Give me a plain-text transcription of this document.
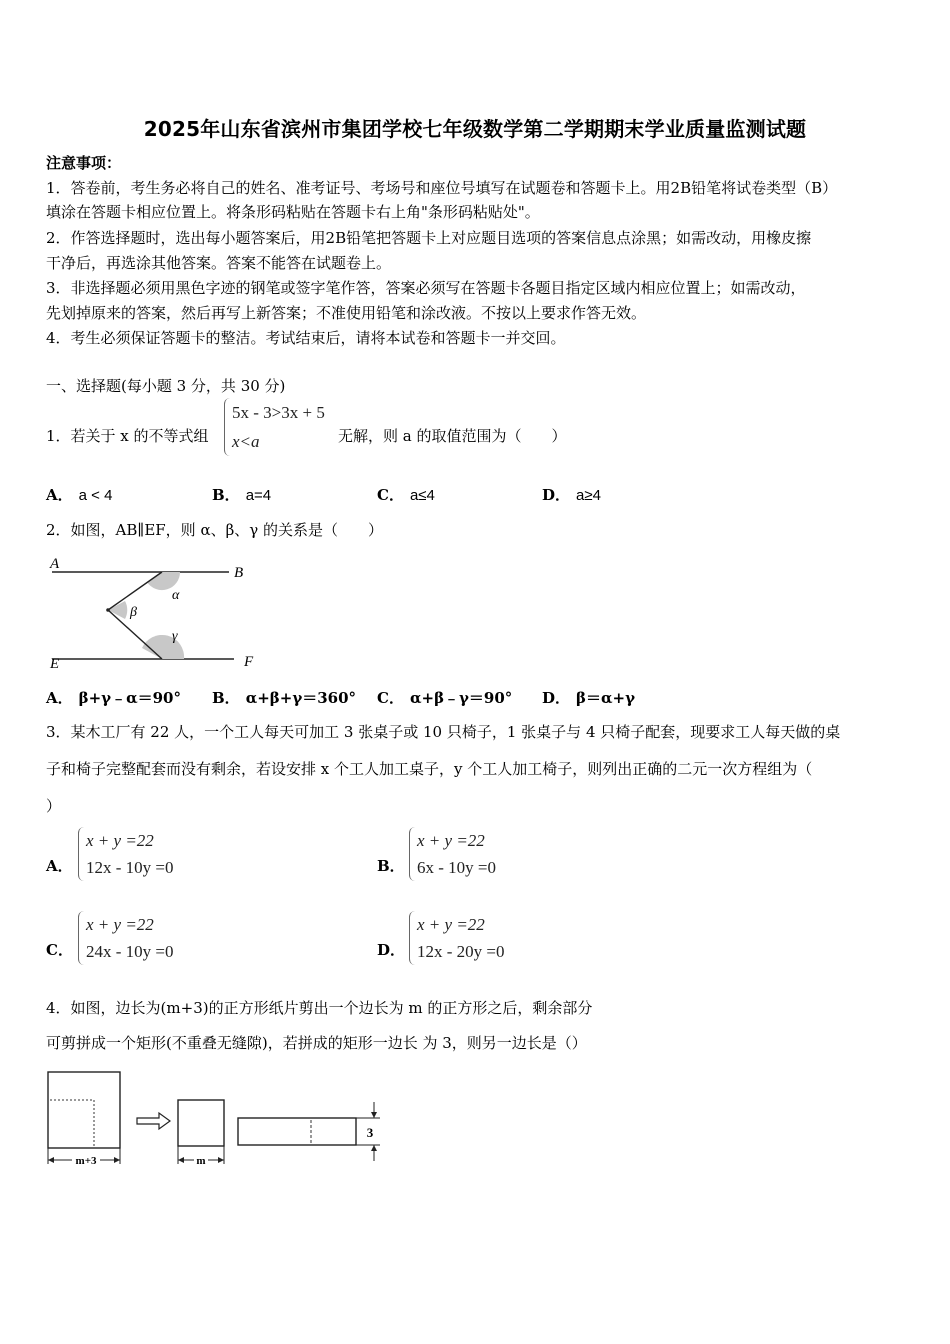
2025年山东省滨州市集团学校七年级数学第二学期期末学业质量监测试题
注意事项：
1．答卷前，考生务必将自己的姓名、准考证号、考场号和座位号填写在试题卷和答题卡上。用2B铅笔将试卷类型（B）
填涂在答题卡相应位置上。将条形码粘贴在答题卡右上角"条形码粘贴处"。
2．作答选择题时，选出每小题答案后，用2B铅笔把答题卡上对应题目选项的答案信息点涂黑；如需改动，用橡皮擦
干净后，再选涂其他答案。答案不能答在试题卷上。
3．非选择题必须用黑色字迹的钢笔或签字笔作答，答案必须写在答题卡各题目指定区域内相应位置上；如需改动，
先划掉原来的答案，然后再写上新答案；不准使用铅笔和涂改液。不按以上要求作答无效。
4．考生必须保证答题卡的整洁。考试结束后，请将本试卷和答题卡一并交回。
一、选择题(每小题 3 分，共 30 分)
1．若关于 x 的不等式组
5x - 3>3x + 5
x<a	无解，则 a 的取值范围为（　　）
A． a < 4	B． a=4	C． a≤4	D． a≥4
2．如图，AB∥EF，则 α、β、γ 的关系是（　　）
A
B
E	F
α
β
γ
A． β+γ﹣α＝90°	B． α+β+γ＝360°	C． α+β﹣γ＝90°	D． β＝α+γ
3．某木工厂有 22 人，一个工人每天可加工 3 张桌子或 10 只椅子，1 张桌子与 4 只椅子配套，现要求工人每天做的桌
子和椅子完整配套而没有剩余，若设安排 x 个工人加工桌子，y 个工人加工椅子，则列出正确的二元一次方程组为（
）
A．
x + y =22
12x - 10y =0	B．
x + y =22
6x - 10y =0
C．
x + y =22
24x - 10y =0	D．
x + y =22
12x - 20y =0
4．如图，边长为(m+3)的正方形纸片剪出一个边长为 m 的正方形之后，剩余部分
可剪拼成一个矩形(不重叠无缝隙)，若拼成的矩形一边长 为 3，则另一边长是（）
m+3	m
3
